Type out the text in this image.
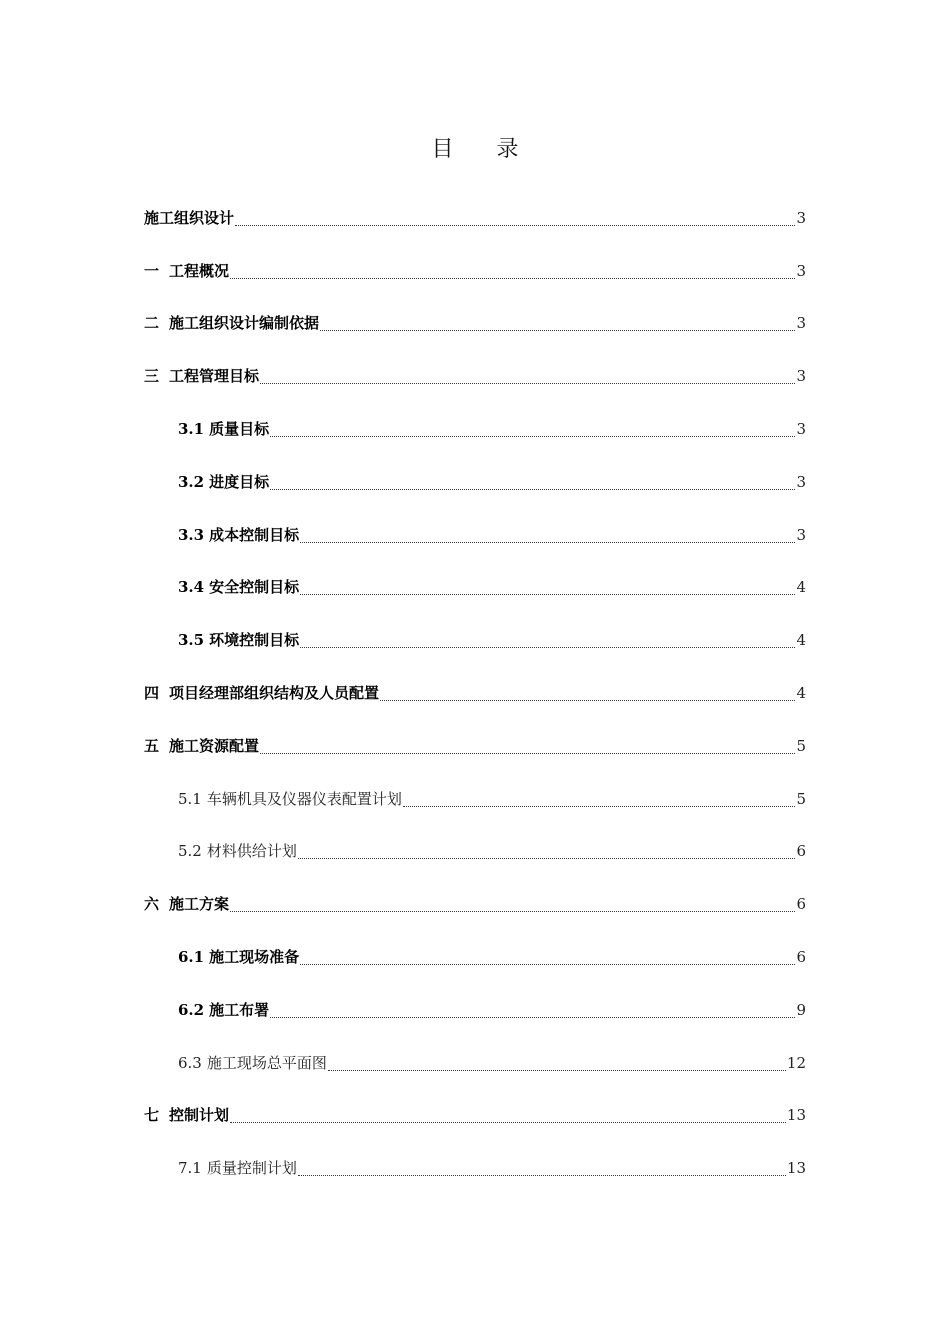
目 录
施工组织设计	3
一 工程概况	3
二 施工组织设计编制依据	3
三 工程管理目标	3
3.1 质量目标	3
3.2 进度目标	3
3.3 成本控制目标	3
3.4 安全控制目标	4
3.5 环境控制目标	4
四 项目经理部组织结构及人员配置	4
五 施工资源配置	5
5.1 车辆机具及仪器仪表配置计划	5
5.2 材料供给计划	6
六 施工方案	6
6.1 施工现场准备	6
6.2 施工布署	9
6.3 施工现场总平面图	12
七 控制计划	13
7.1 质量控制计划	13
